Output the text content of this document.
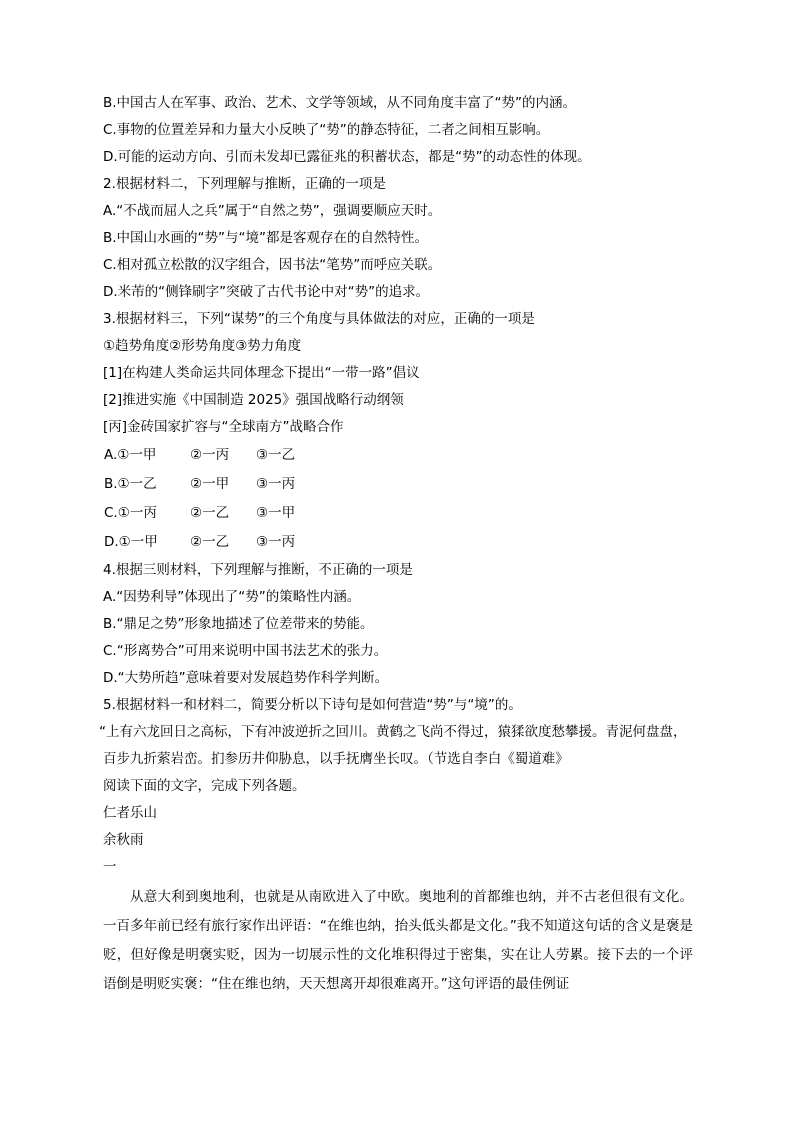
B.中国古人在军事、政治、艺术、文学等领域，从不同角度丰富了“势”的内涵。
C.事物的位置差异和力量大小反映了“势”的静态特征，二者之间相互影响。
D.可能的运动方向、引而未发却已露征兆的积蓄状态，都是“势”的动态性的体现。
2.根据材料二，下列理解与推断，正确的一项是
A.“不战而屈人之兵”属于“自然之势”，强调要顺应天时。
B.中国山水画的“势”与“境”都是客观存在的自然特性。
C.相对孤立松散的汉字组合，因书法“笔势”而呼应关联。
D.米芾的“侧锋刷字”突破了古代书论中对“势”的追求。
3.根据材料三，下列“谋势”的三个角度与具体做法的对应，正确的一项是
①趋势角度②形势角度③势力角度
[1]在构建人类命运共同体理念下提出“一带一路”倡议
[2]推进实施《中国制造 2025》强国战略行动纲领
[丙]金砖国家扩容与“全球南方”战略合作
A.①一甲	②一丙	③一乙
B.①一乙	②一甲	③一丙
C.①一丙	②一乙	③一甲
D.①一甲	②一乙	③一丙
4.根据三则材料，下列理解与推断，不正确的一项是
A.“因势利导”体现出了“势”的策略性内涵。
B.“鼎足之势”形象地描述了位差带来的势能。
C.“形离势合”可用来说明中国书法艺术的张力。
D.“大势所趋”意味着要对发展趋势作科学判断。
5.根据材料一和材料二，简要分析以下诗句是如何营造“势”与“境”的。
“上有六龙回日之高标，下有冲波逆折之回川。黄鹤之飞尚不得过，猿猱欲度愁攀援。青泥何盘盘，百步九折萦岩峦。扪参历井仰胁息，以手抚膺坐长叹。（节选自李白《蜀道难》
阅读下面的文字，完成下列各题。
仁者乐山
余秋雨
一
从意大利到奥地利，也就是从南欧进入了中欧。奥地利的首都维也纳，并不古老但很有文化。一百多年前已经有旅行家作出评语：“在维也纳，抬头低头都是文化。”我不知道这句话的含义是褒是贬，但好像是明褒实贬，因为一切展示性的文化堆积得过于密集，实在让人劳累。接下去的一个评语倒是明贬实褒：“住在维也纳，天天想离开却很难离开。”这句评语的最佳例证
